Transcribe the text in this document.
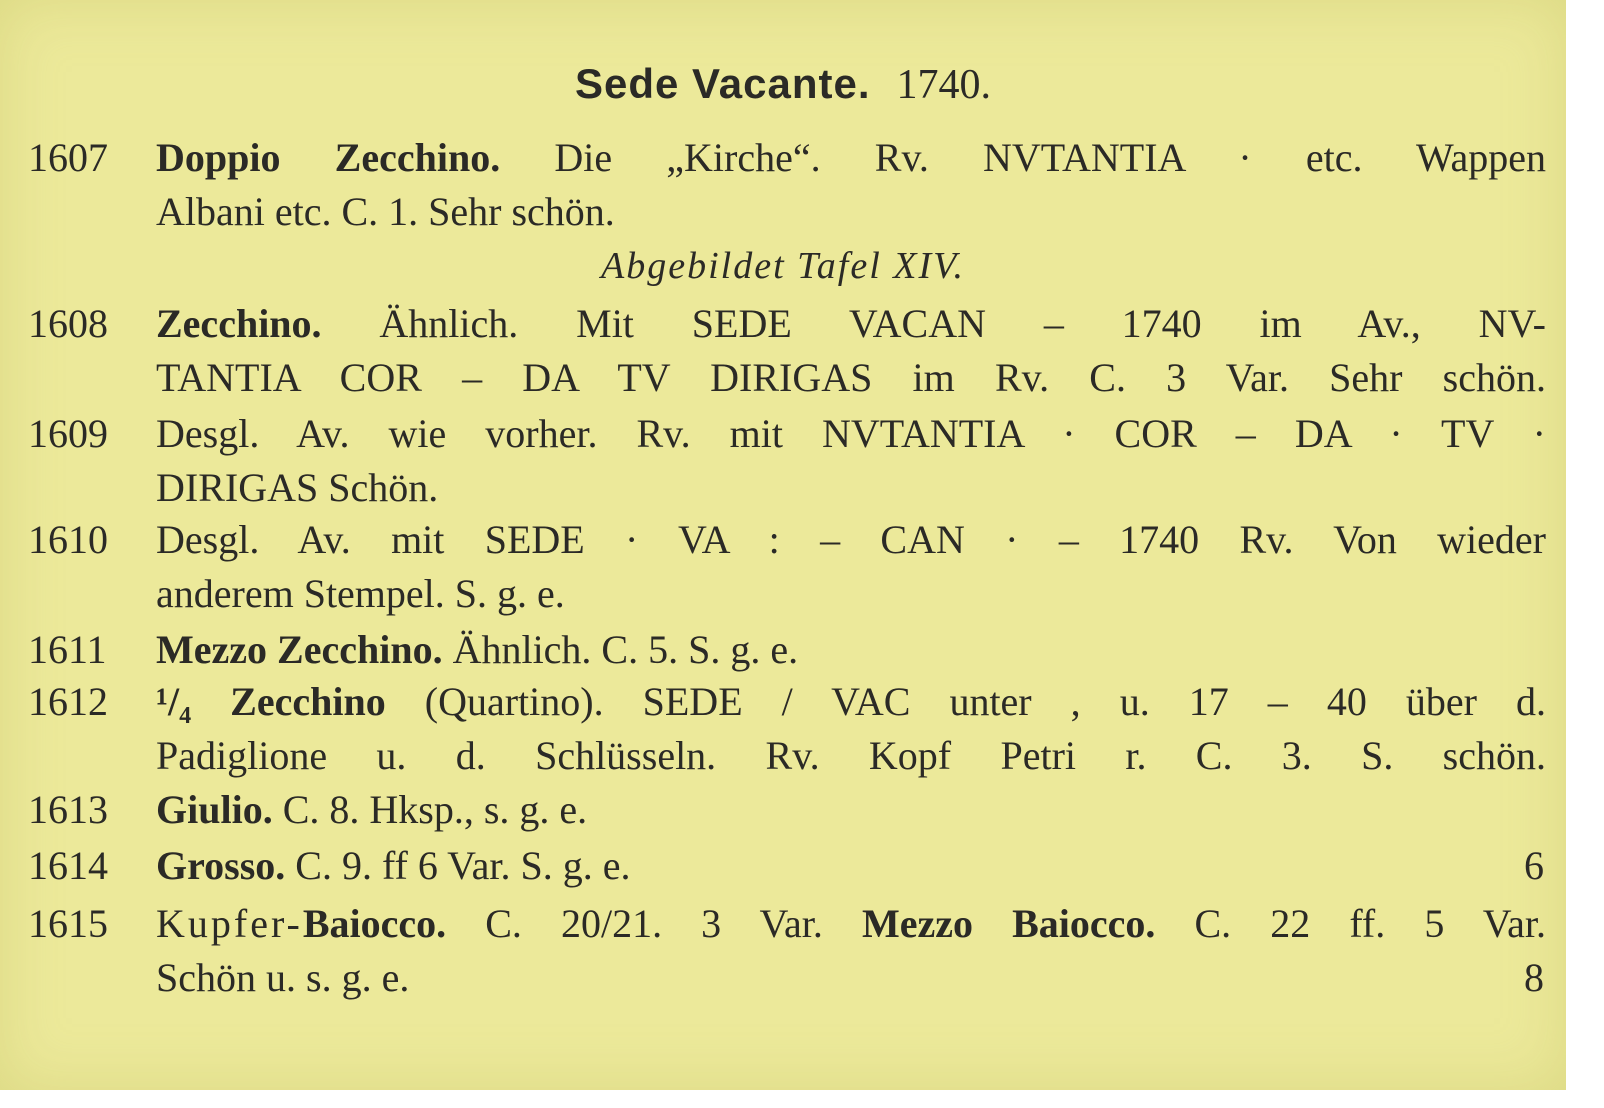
Sede Vacante. 1740.
1607 Doppio Zecchino. Die „Kirche“. Rv. NVTANTIA · etc. Wappen
Albani etc. C. 1. Sehr schön.
Abgebildet Tafel XIV.
1608 Zecchino. Ähnlich. Mit SEDE VACAN – 1740 im Av., NV-
TANTIA COR – DA TV DIRIGAS im Rv. C. 3 Var. Sehr schön.
1609 Desgl. Av. wie vorher. Rv. mit NVTANTIA · COR – DA · TV ·
DIRIGAS Schön.
1610 Desgl. Av. mit SEDE · VA : – CAN · – 1740 Rv. Von wieder
anderem Stempel. S. g. e.
1611 Mezzo Zecchino. Ähnlich. C. 5. S. g. e.
1612 ¹/₄ Zecchino (Quartino). SEDE / VAC unter , u. 17 – 40 über d.
Padiglione u. d. Schlüsseln. Rv. Kopf Petri r. C. 3. S. schön.
1613 Giulio. C. 8. Hksp., s. g. e.
1614 Grosso. C. 9. ff 6 Var. S. g. e.	6
1615 Kupfer-Baiocco. C. 20/21. 3 Var. Mezzo Baiocco. C. 22 ff. 5 Var.
Schön u. s. g. e.	8
